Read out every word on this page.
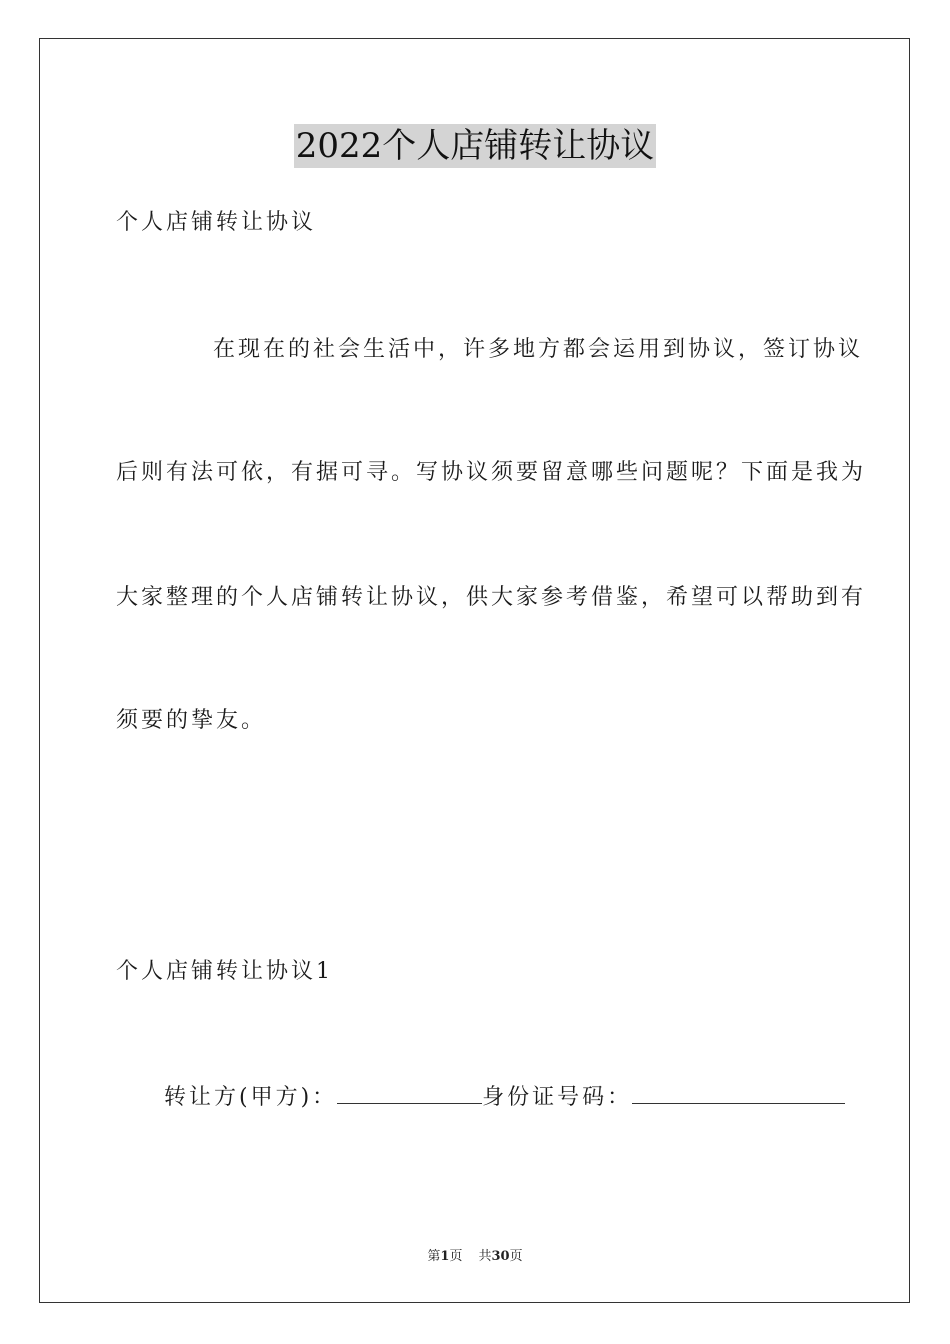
2022个人店铺转让协议
个人店铺转让协议
在现在的社会生活中，许多地方都会运用到协议，签订协议
后则有法可依，有据可寻。写协议须要留意哪些问题呢？下面是我为
大家整理的个人店铺转让协议，供大家参考借鉴，希望可以帮助到有
须要的挚友。
个人店铺转让协议1
转让方(甲方)：	身份证号码：
第1页 共30页
